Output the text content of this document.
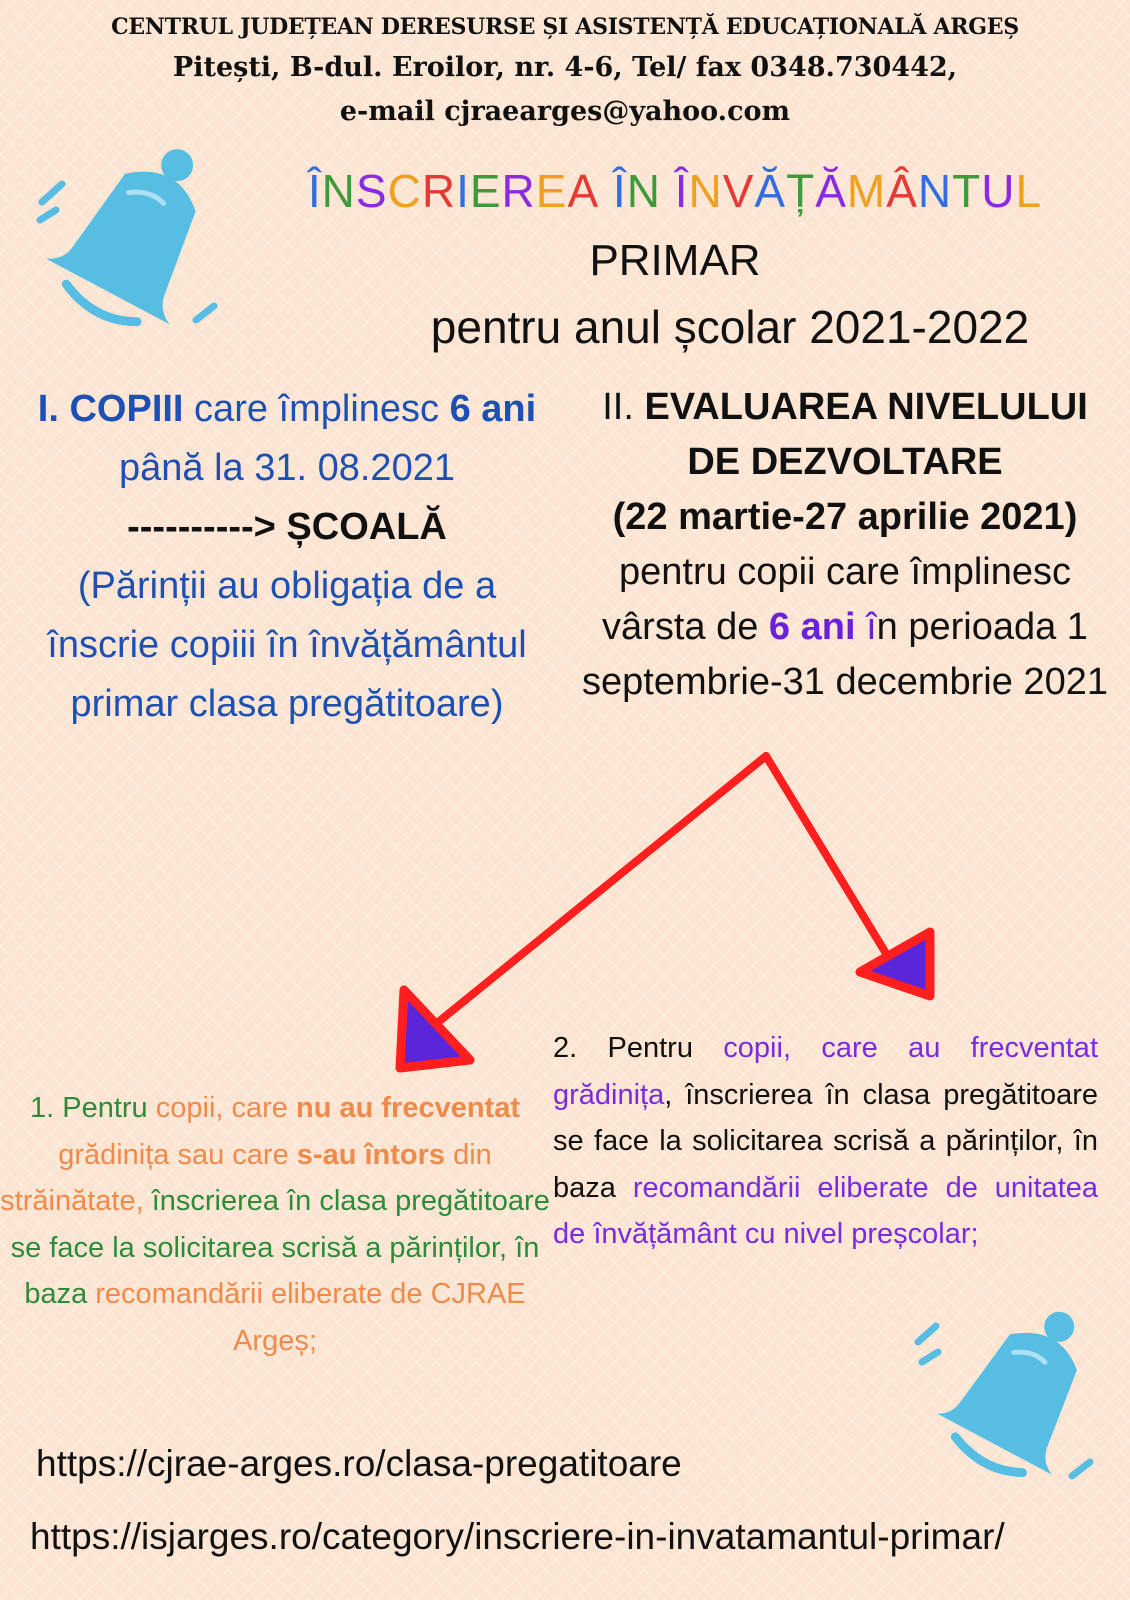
CENTRUL JUDEȚEAN DERESURSE ȘI ASISTENȚĂ EDUCAȚIONALĂ ARGEȘ
Pitești, B-dul. Eroilor, nr. 4-6, Tel/ fax 0348.730442,
e-mail cjraearges@yahoo.com
ÎNSCRIEREA ÎN ÎNVĂȚĂMÂNTUL
PRIMAR
pentru anul școlar 2021-2022
I. COPIII care împlinesc 6 ani
până la 31. 08.2021
----------> ȘCOALĂ
(Părinții au obligația de a
înscrie copiii în învățământul
primar clasa pregătitoare)
II. EVALUAREA NIVELULUI
DE DEZVOLTARE
(22 martie-27 aprilie 2021)
pentru copii care împlinesc
vârsta de 6 ani în perioada 1
septembrie-31 decembrie 2021
1. Pentru copii, care nu au frecventat grădinița sau care s-au întors din străinătate, înscrierea în clasa pregătitoare se face la solicitarea scrisă a părinților, în baza recomandării eliberate de CJRAE Argeș;
2. Pentru copii, care au frecventat grădinița, înscrierea în clasa pregătitoare se face la solicitarea scrisă a părinților, în baza recomandării eliberate de unitatea de învățământ cu nivel preșcolar;
https://cjrae-arges.ro/clasa-pregatitoare
https://isjarges.ro/category/inscriere-in-invatamantul-primar/
